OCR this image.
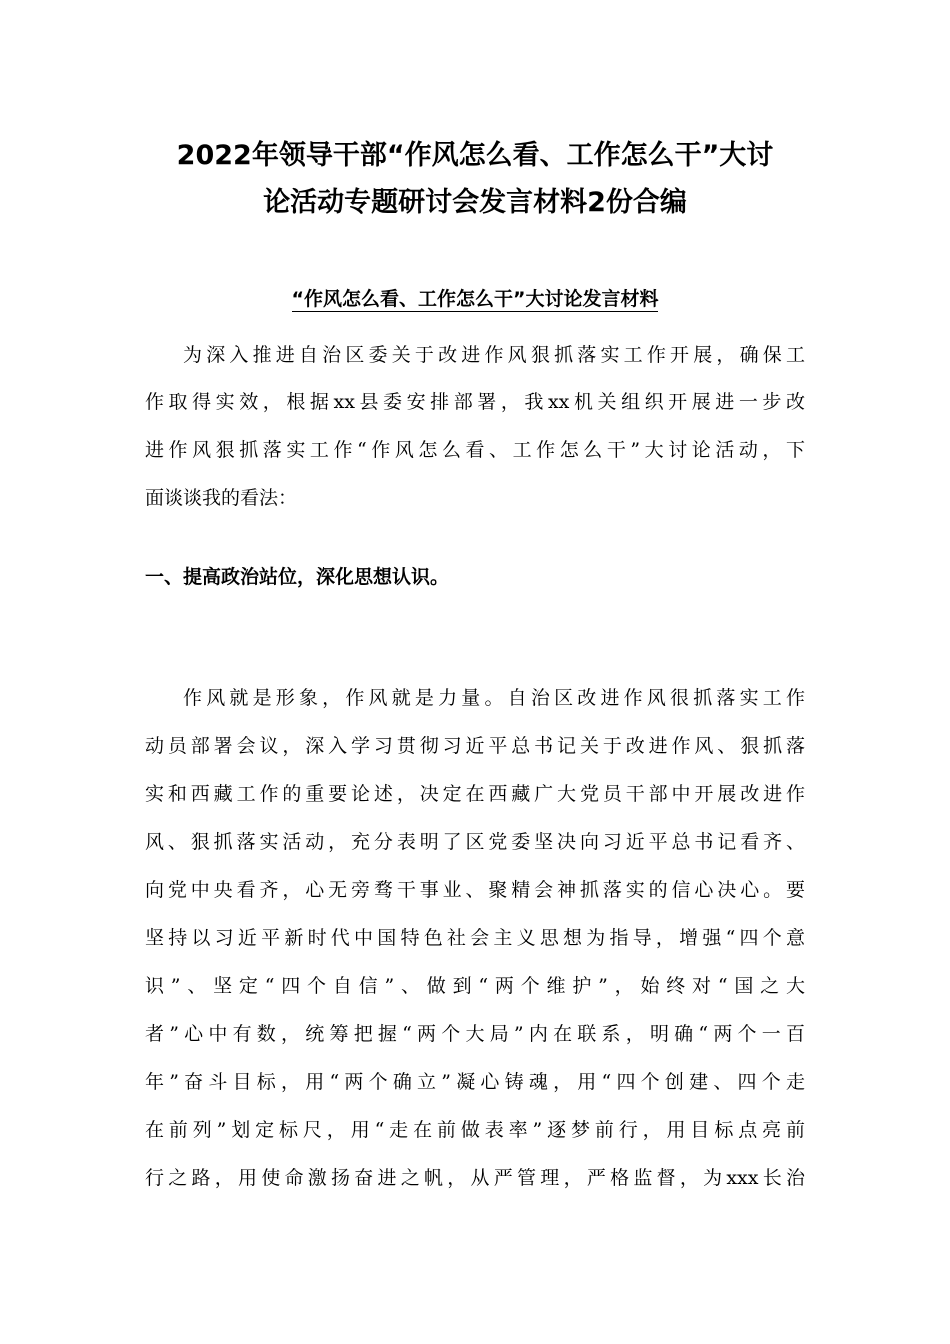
2022年领导干部“作风怎么看、工作怎么干”大讨
论活动专题研讨会发言材料2份合编
“作风怎么看、工作怎么干”大讨论发言材料

为深入推进自治区委关于改进作风狠抓落实工作开展，确保工

作取得实效，根据xx县委安排部署，我xx机关组织开展进一步改

进作风狠抓落实工作“作风怎么看、工作怎么干”大讨论活动，下

面谈谈我的看法：

一、提高政治站位，深化思想认识。

作风就是形象，作风就是力量。自治区改进作风很抓落实工作

动员部署会议，深入学习贯彻习近平总书记关于改进作风、狠抓落

实和西藏工作的重要论述，决定在西藏广大党员干部中开展改进作

风、狠抓落实活动，充分表明了区党委坚决向习近平总书记看齐、

向党中央看齐，心无旁骛干事业、聚精会神抓落实的信心决心。要

坚持以习近平新时代中国特色社会主义思想为指导，增强“四个意

识”、坚定“四个自信”、做到“两个维护”，始终对“国之大

者”心中有数，统筹把握“两个大局”内在联系，明确“两个一百

年”奋斗目标，用“两个确立”凝心铸魂，用“四个创建、四个走

在前列”划定标尺，用“走在前做表率”逐梦前行，用目标点亮前

行之路，用使命激扬奋进之帆，从严管理，严格监督，为xxx长治
